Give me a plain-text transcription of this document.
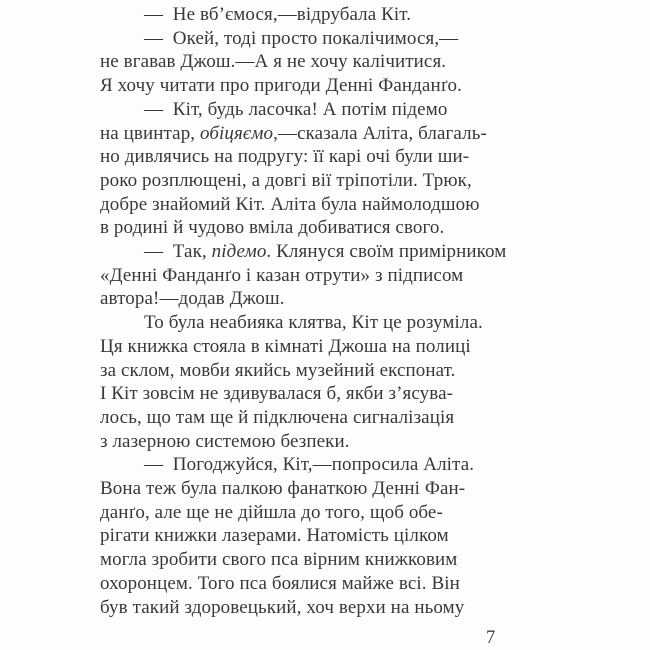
—  Не вбʼємося,—відрубала Кіт.
—  Окей, тоді просто покалічимося,—
не вгавав Джош.—А я не хочу калічитися.
Я хочу читати про пригоди Денні Фанданґо.
—  Кіт, будь ласочка! А потім підемо
на цвинтар, обіцяємо,—сказала Аліта, благаль-
но дивлячись на подругу: її карі очі були ши-
роко розплющені, а довгі вії тріпотіли. Трюк,
добре знайомий Кіт. Аліта була наймолодшою
в родині й чудово вміла добиватися свого.
—  Так, підемо. Клянуся своїм примірником
«Денні Фанданґо і казан отрути» з підписом
автора!—додав Джош.
То була неабияка клятва, Кіт це розуміла.
Ця книжка стояла в кімнаті Джоша на полиці
за склом, мовби якийсь музейний експонат.
І Кіт зовсім не здивувалася б, якби зʼясува-
лось, що там ще й підключена сигналізація
з лазерною системою безпеки.
—  Погоджуйся, Кіт,—попросила Аліта.
Вона теж була палкою фанаткою Денні Фан-
данґо, але ще не дійшла до того, щоб обе-
рігати книжки лазерами. Натомість цілком
могла зробити свого пса вірним книжковим
охоронцем. Того пса боялися майже всі. Він
був такий здоровецький, хоч верхи на ньому
7
